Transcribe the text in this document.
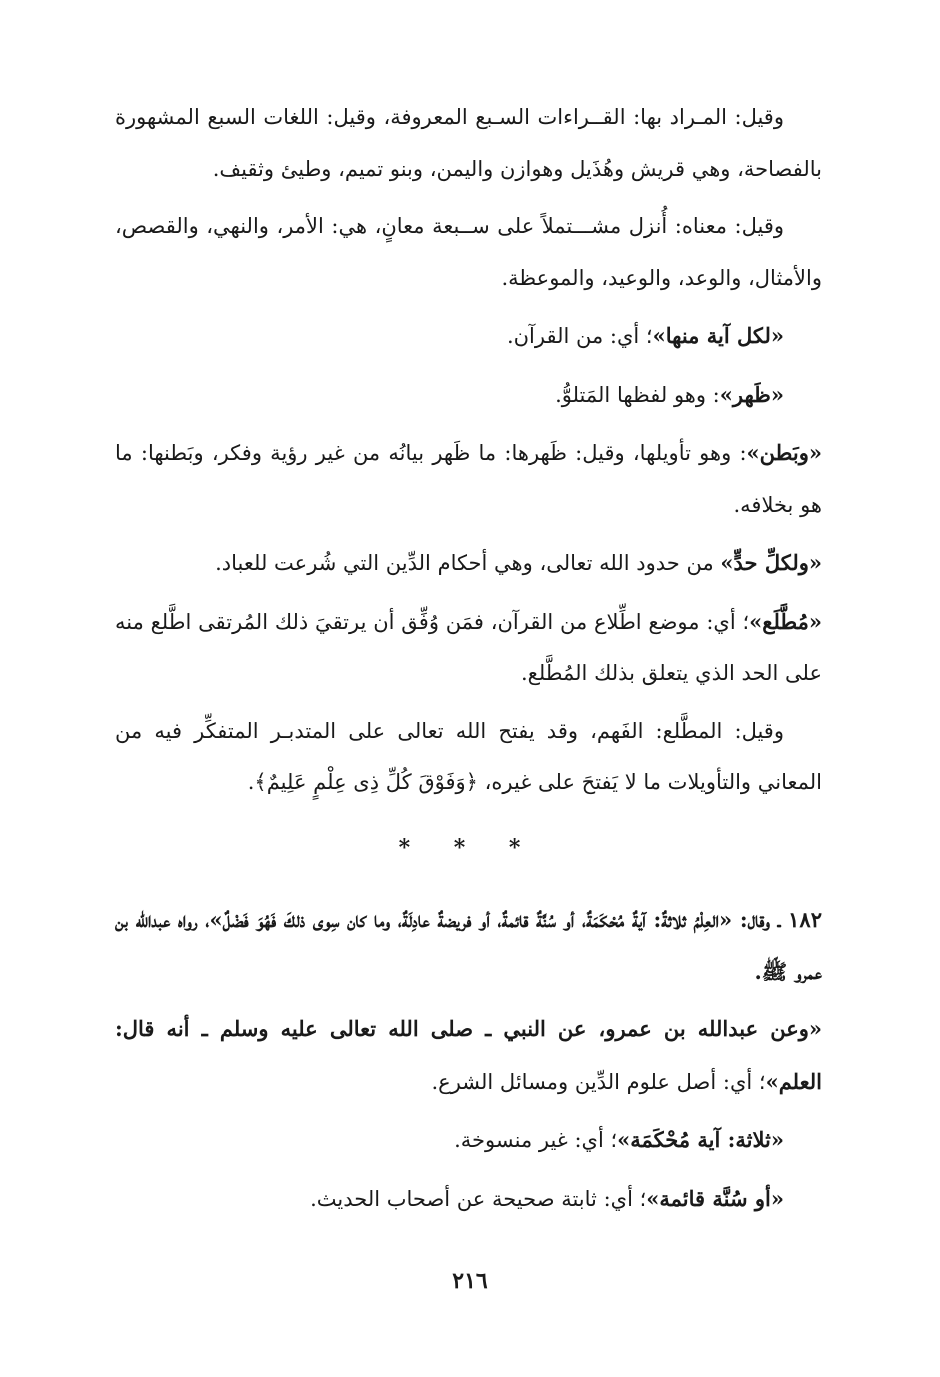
وقيل: المـراد بها: القــراءات السـبع المعروفة، وقيل: اللغات السبع المشهورة بالفصاحة، وهي قريش وهُذَيل وهوازن واليمن، وبنو تميم، وطيئ وثقيف.

وقيل: معناه: أُنزل مشـــتملاً على ســبعة معانٍ، هي: الأمر، والنهي، والقصص، والأمثال، والوعد، والوعيد، والموعظة.

«لكل آية منها»؛ أي: من القرآن.

«ظَهر»: وهو لفظها المَتلوُّ.

«وبَطن»: وهو تأويلها، وقيل: ظَهرها: ما ظَهر بيانُه من غير رؤية وفكر، وبَطنها: ما هو بخلافه.

«ولكلِّ حدٍّ» من حدود الله تعالى، وهي أحكام الدِّين التي شُرعت للعباد.

«مُطَّلَع»؛ أي: موضع اطِّلاع من القرآن، فمَن وُفِّق أن يرتقيَ ذلك المُرتقى اطَّلع منه على الحد الذي يتعلق بذلك المُطَّلع.

وقيل: المطَّلع: الفَهم، وقد يفتح الله تعالى على المتدبـر المتفكِّر فيه من المعاني والتأويلات ما لا يَفتحَ على غيره، ﴿وَفَوْقَ كُلِّ ذِى عِلْمٍ عَلِيمٌ﴾.

* * *

١٨٢ ـ وقال: «العِلْمُ ثلاثةٌ: آيةٌ مُحْكَمَةٌ، أو سُنَّةٌ قائمةٌ، أو فريضةٌ عادِلَةٌ، وما كان سِوى ذلكَ فَهُوَ فَضْلٌ»، رواه عبدالله بن عمرو ﷺ.

«وعن عبدالله بن عمرو، عن النبي ـ صلى الله تعالى عليه وسلم ـ أنه قال: العلم»؛ أي: أصل علوم الدِّين ومسائل الشرع.

«ثلاثة: آية مُحْكَمَة»؛ أي: غير منسوخة.

«أو سُنَّة قائمة»؛ أي: ثابتة صحيحة عن أصحاب الحديث.

٢١٦
